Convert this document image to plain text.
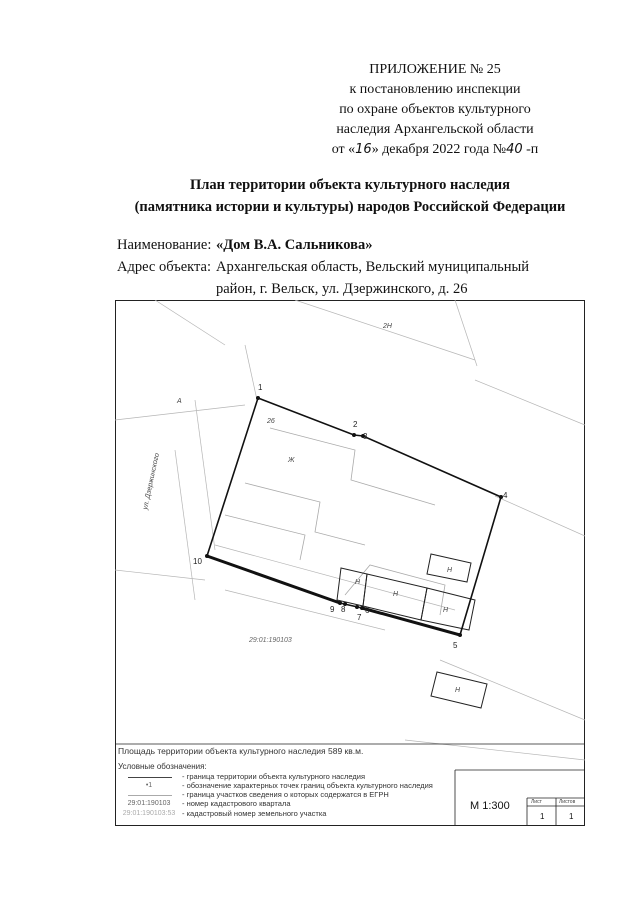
ПРИЛОЖЕНИЕ № 25
к постановлению инспекции
по охране объектов культурного
наследия Архангельской области
от «16» декабря 2022 года №40 -п
План территории объекта культурного наследия
(памятника истории и культуры) народов Российской Федерации
Наименование: «Дом В.А. Сальникова»
Адрес объекта: Архангельская область, Вельский муниципальный
район, г. Вельск, ул. Дзержинского, д. 26
1
2
3
4
5
6
7
8
9
10
2Н
26
Ж
Н
Н
Н
Н
Н
А
29:01:190103
ул. Дзержинского
Площадь территории объекта культурного наследия 589 кв.м.
Условные обозначения:
- граница территории объекта культурного наследия
•1	- обозначение характерных точек границ объекта культурного наследия
- граница участков сведения о которых содержатся в ЕГРН
29:01:190103	- номер кадастрового квартала
29:01:190103:53 - кадастровый номер земельного участка
М 1:300	Лист	Листов
1	1
